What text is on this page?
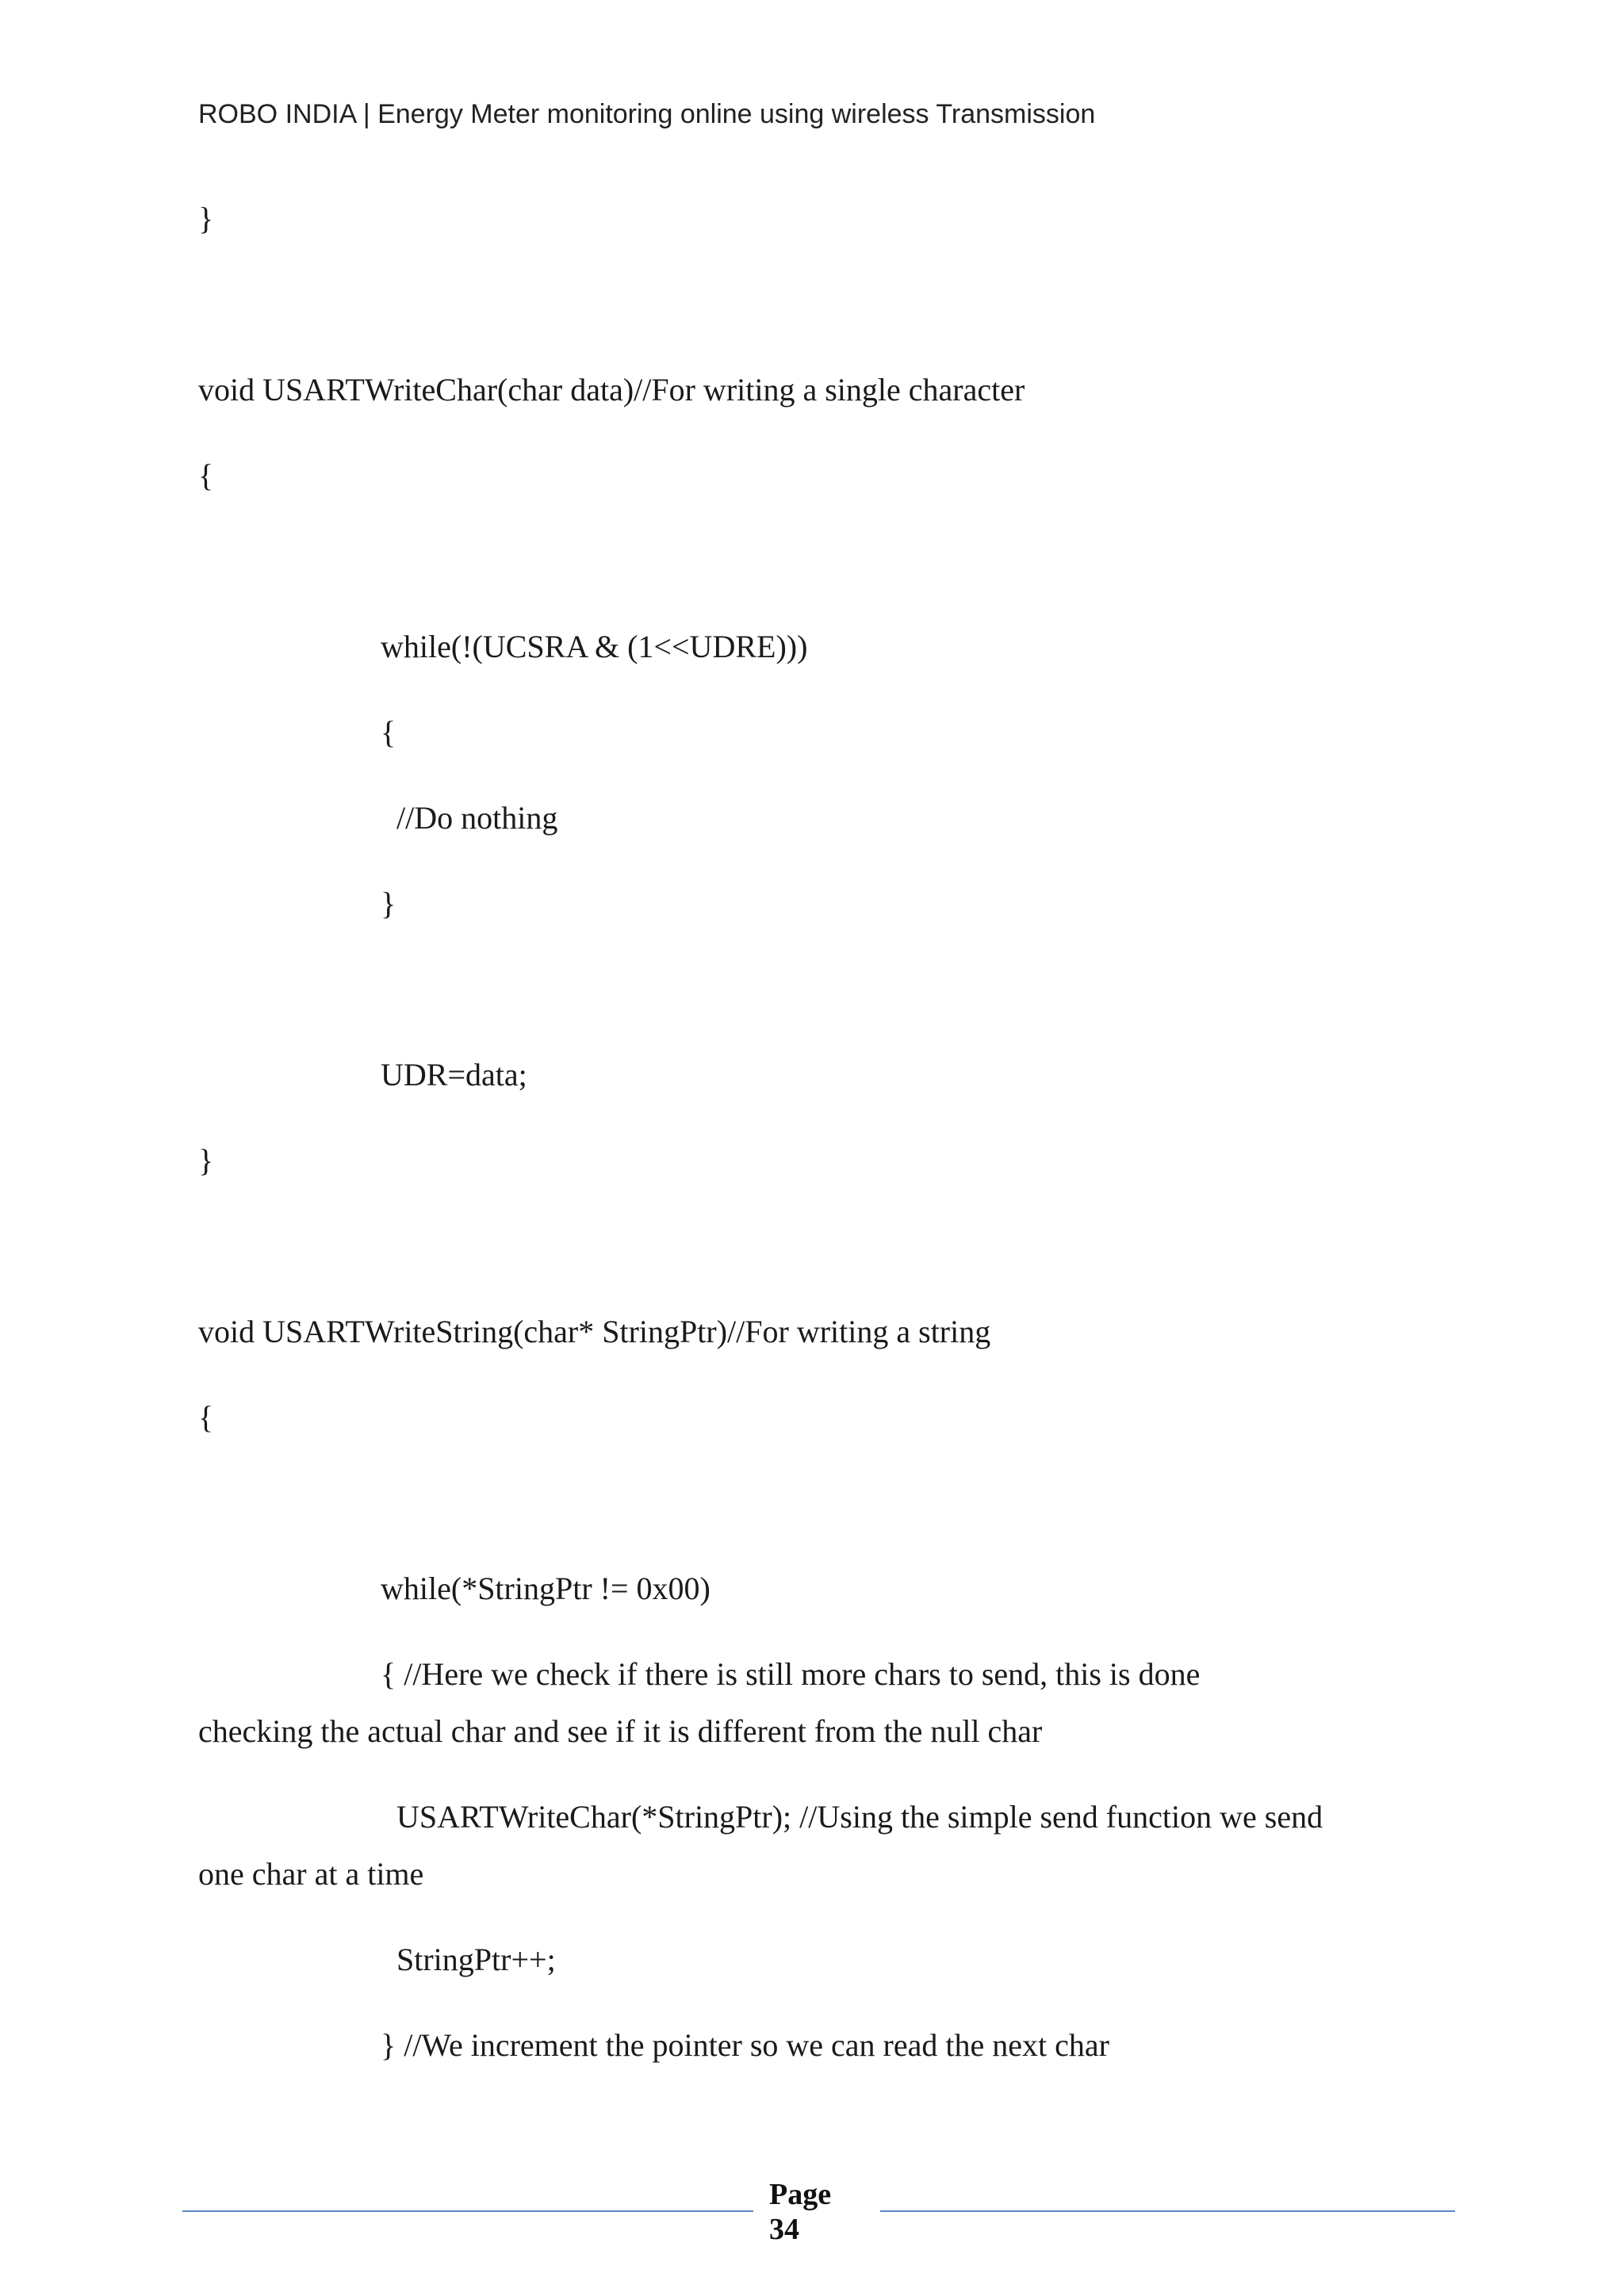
ROBO INDIA | Energy Meter monitoring online using wireless Transmission
}
void USARTWriteChar(char data)//For writing a single character
{
while(!(UCSRA & (1<<UDRE)))
{
//Do nothing
}
UDR=data;
}
void USARTWriteString(char* StringPtr)//For writing a string
{
while(*StringPtr != 0x00)
{ //Here we check if there is still more chars to send, this is done
checking the actual char and see if it is different from the null char
USARTWriteChar(*StringPtr); //Using the simple send function we send
one char at a time
StringPtr++;
} //We increment the pointer so we can read the next char
Page
34
